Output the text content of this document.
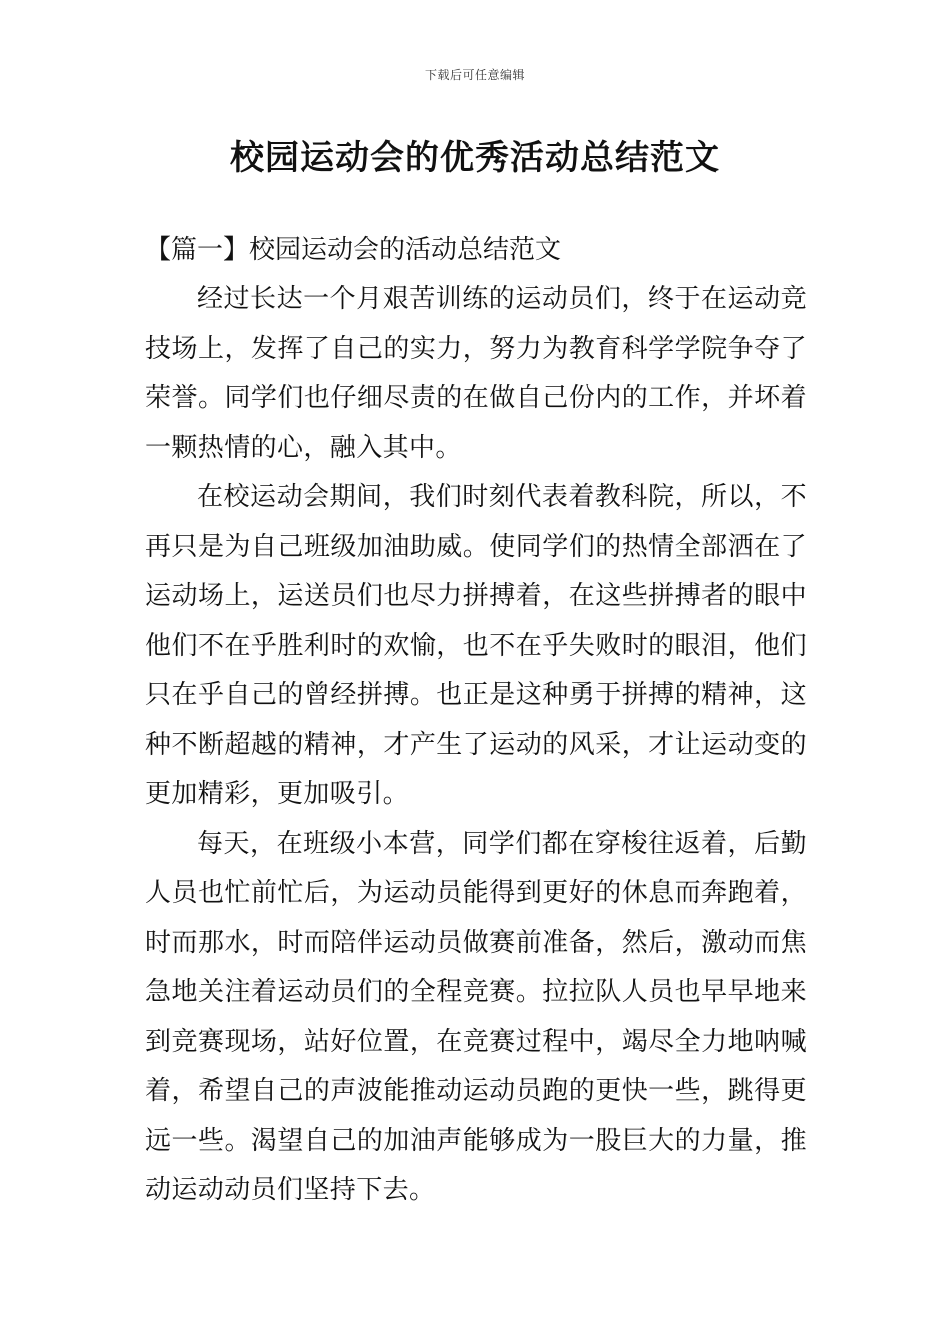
下载后可任意编辑
校园运动会的优秀活动总结范文

【篇一】校园运动会的活动总结范文

经过长达一个月艰苦训练的运动员们，终于在运动竞技场上，发挥了自己的实力，努力为教育科学学院争夺了荣誉。同学们也仔细尽责的在做自己份内的工作，并坏着一颗热情的心，融入其中。

在校运动会期间，我们时刻代表着教科院，所以，不再只是为自己班级加油助威。使同学们的热情全部洒在了运动场上，运送员们也尽力拼搏着，在这些拼搏者的眼中他们不在乎胜利时的欢愉，也不在乎失败时的眼泪，他们只在乎自己的曾经拼搏。也正是这种勇于拼搏的精神，这种不断超越的精神，才产生了运动的风采，才让运动变的更加精彩，更加吸引。

每天，在班级小本营，同学们都在穿梭往返着，后勤人员也忙前忙后，为运动员能得到更好的休息而奔跑着，时而那水，时而陪伴运动员做赛前准备，然后，激动而焦急地关注着运动员们的全程竞赛。拉拉队人员也早早地来到竞赛现场，站好位置，在竞赛过程中，竭尽全力地呐喊着，希望自己的声波能推动运动员跑的更快一些，跳得更远一些。渴望自己的加油声能够成为一股巨大的力量，推动运动动员们坚持下去。
